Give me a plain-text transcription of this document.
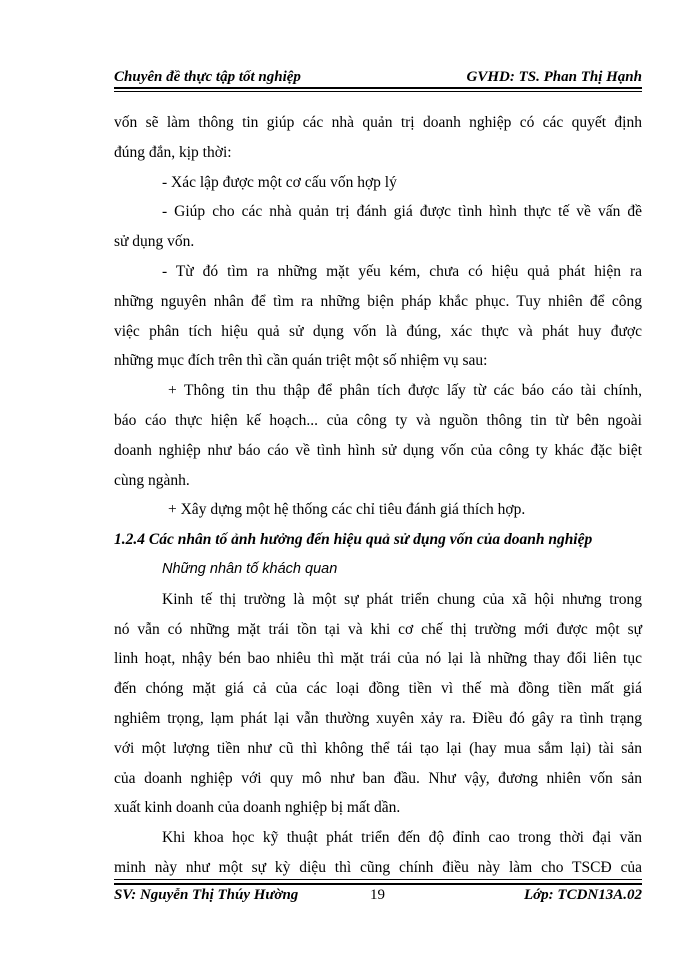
Chuyên đề thực tập tốt nghiệp	GVHD: TS. Phan Thị Hạnh
vốn sẽ làm thông tin giúp các nhà quản trị doanh nghiệp có các quyết định
đúng đắn, kịp thời:
- Xác lập được một cơ cấu vốn hợp lý
- Giúp cho các nhà quản trị đánh giá được tình hình thực tế về vấn đề
sử dụng vốn.
- Từ đó tìm ra những mặt yếu kém, chưa có hiệu quả phát hiện ra
những nguyên nhân để tìm ra những biện pháp khắc phục. Tuy nhiên để công
việc phân tích hiệu quả sử dụng vốn là đúng, xác thực và phát huy được
những mục đích trên thì cần quán triệt một số nhiệm vụ sau:
+ Thông tin thu thập để phân tích được lấy từ các báo cáo tài chính,
báo cáo thực hiện kế hoạch... của công ty và nguồn thông tin từ bên ngoài
doanh nghiệp như báo cáo về tình hình sử dụng vốn của công ty khác đặc biệt
cùng ngành.
+ Xây dựng một hệ thống các chỉ tiêu đánh giá thích hợp.
1.2.4 Các nhân tố ảnh hưởng đến hiệu quả sử dụng vốn của doanh nghiệp
Những nhân tố khách quan
Kinh tế thị trường là một sự phát triển chung của xã hội nhưng trong
nó vẫn có những mặt trái tồn tại và khi cơ chế thị trường mới được một sự
linh hoạt, nhậy bén bao nhiêu thì mặt trái của nó lại là những thay đổi liên tục
đến chóng mặt giá cả của các loại đồng tiền vì thế mà đồng tiền mất giá
nghiêm trọng, lạm phát lại vẫn thường xuyên xảy ra. Điều đó gây ra tình trạng
với một lượng tiền như cũ thì không thể tái tạo lại (hay mua sắm lại) tài sản
của doanh nghiệp với quy mô như ban đầu. Như vậy, đương nhiên vốn sản
xuất kinh doanh của doanh nghiệp bị mất dần.
Khi khoa học kỹ thuật phát triển đến độ đỉnh cao trong thời đại văn
minh này như một sự kỳ diệu thì cũng chính điều này làm cho TSCĐ của
SV: Nguyễn Thị Thúy Hường	19	Lớp: TCDN13A.02
